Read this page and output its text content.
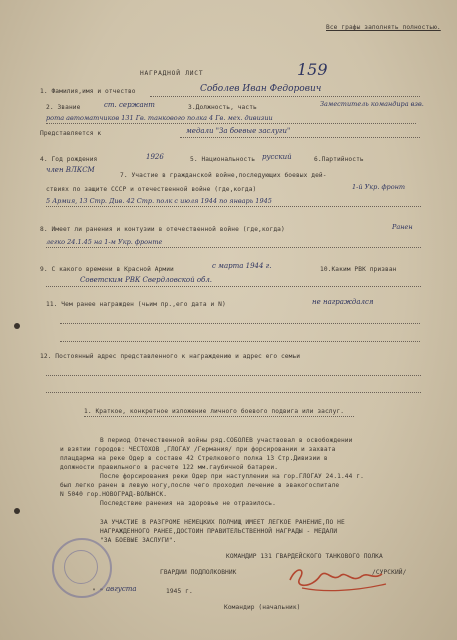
Все графы заполнять полностью.
159
НАГРАДНОЙ ЛИСТ
1. Фамилия,имя и отчество	Соболев Иван Федорович
2. Звание	ст. сержант	3.Должность, часть	Заместитель командира взв.
рота автоматчиков 131 Гв. танкового полка 4 Гв. мех. дивизии
Представляется к	медали "За боевые заслуги"
4. Год рождения	1926	5. Национальность русский	6.Партийность
член ВЛКСМ
7. Участие в гражданской войне,последующих боевых дей-
ствиях по защите СССР и отечественной войне (где,когда)	1-й Укр. фронт
5 Армия, 13 Стр. Див. 42 Стр. полк с июля 1944 по январь 1945
8. Имеет ли ранения и контузии в отечественной войне (где,когда)	Ранен
легко 24.1.45 на 1-м Укр. фронте
9. С какого времени в Красной Армии	с марта 1944 г.	10.Каким РВК призван
Советским РВК Свердловской обл.
11. Чем ранее награжден (чьим пр.,его дата и N)	не награждался
12. Постоянный адрес представленного к награждению и адрес его семьи
1. Краткое, конкретное изложение личного боевого подвига или заслуг.
В период Отечественной войны ряд.СОБОЛЕВ участвовал в освобождении
и взятии городов: ЧЕСТОХОВ ,ГЛОГАУ /Германия/ при форсировании и захвата
плацдарма на реке Одер в составе 42 Стрелкового полка 13 Стр.Дивизии в
должности правильного в расчете 122 мм.гаубичной батареи.
После форсирования реки Одер при наступлении на гор.ГЛОГАУ 24.1.44 г.
был легко ранен в левую ногу,после чего проходил лечение в эвакогоспитале
N 5040 гор.НОВОГРАД-ВОЛЫНСК.
Последствие ранения на здоровье не отразилось.
ЗА УЧАСТИЕ В РАЗГРОМЕ НЕМЕЦКИХ ПОЛЧИЩ ИМЕЕТ ЛЕГКОЕ РАНЕНИЕ,ПО НЕ
НАГРАЖДЕННОГО РАНЕЕ,ДОСТОИН ПРАВИТЕЛЬСТВЕННОЙ НАГРАДЫ - МЕДАЛИ
"ЗА БОЕВЫЕ ЗАСЛУГИ".
КОМАНДИР 131 ГВАРДЕЙСКОГО ТАНКОВОГО ПОЛКА
ГВАРДИИ ПОДПОЛКОВНИК	/СУРСКИЙ/
" " августа	1945 г.
Командир (начальник)
